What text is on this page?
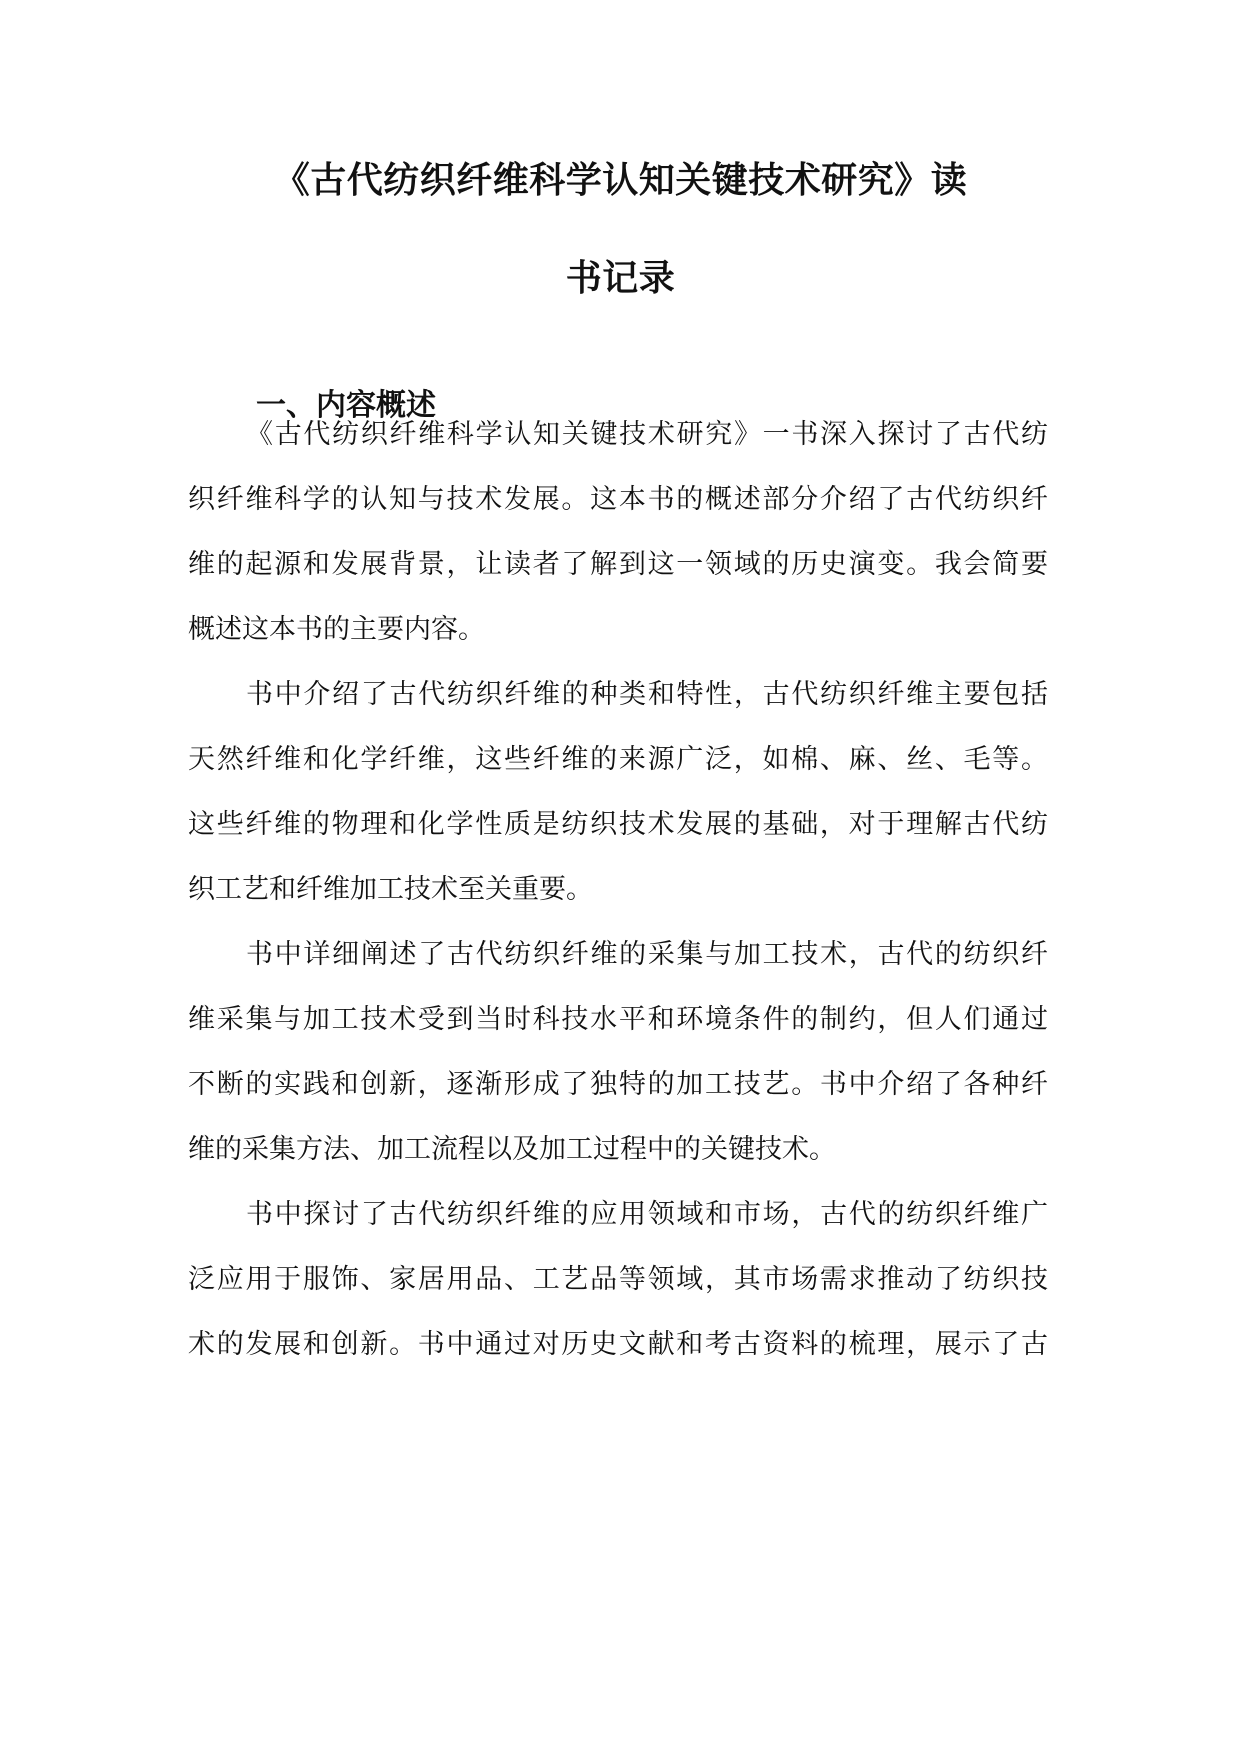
《古代纺织纤维科学认知关键技术研究》读
书记录
一、内容概述

《古代纺织纤维科学认知关键技术研究》一书深入探讨了古代纺

织纤维科学的认知与技术发展。这本书的概述部分介绍了古代纺织纤

维的起源和发展背景，让读者了解到这一领域的历史演变。我会简要

概述这本书的主要内容。

书中介绍了古代纺织纤维的种类和特性，古代纺织纤维主要包括

天然纤维和化学纤维，这些纤维的来源广泛，如棉、麻、丝、毛等。

这些纤维的物理和化学性质是纺织技术发展的基础，对于理解古代纺

织工艺和纤维加工技术至关重要。

书中详细阐述了古代纺织纤维的采集与加工技术，古代的纺织纤

维采集与加工技术受到当时科技水平和环境条件的制约，但人们通过

不断的实践和创新，逐渐形成了独特的加工技艺。书中介绍了各种纤

维的采集方法、加工流程以及加工过程中的关键技术。

书中探讨了古代纺织纤维的应用领域和市场，古代的纺织纤维广

泛应用于服饰、家居用品、工艺品等领域，其市场需求推动了纺织技

术的发展和创新。书中通过对历史文献和考古资料的梳理，展示了古
